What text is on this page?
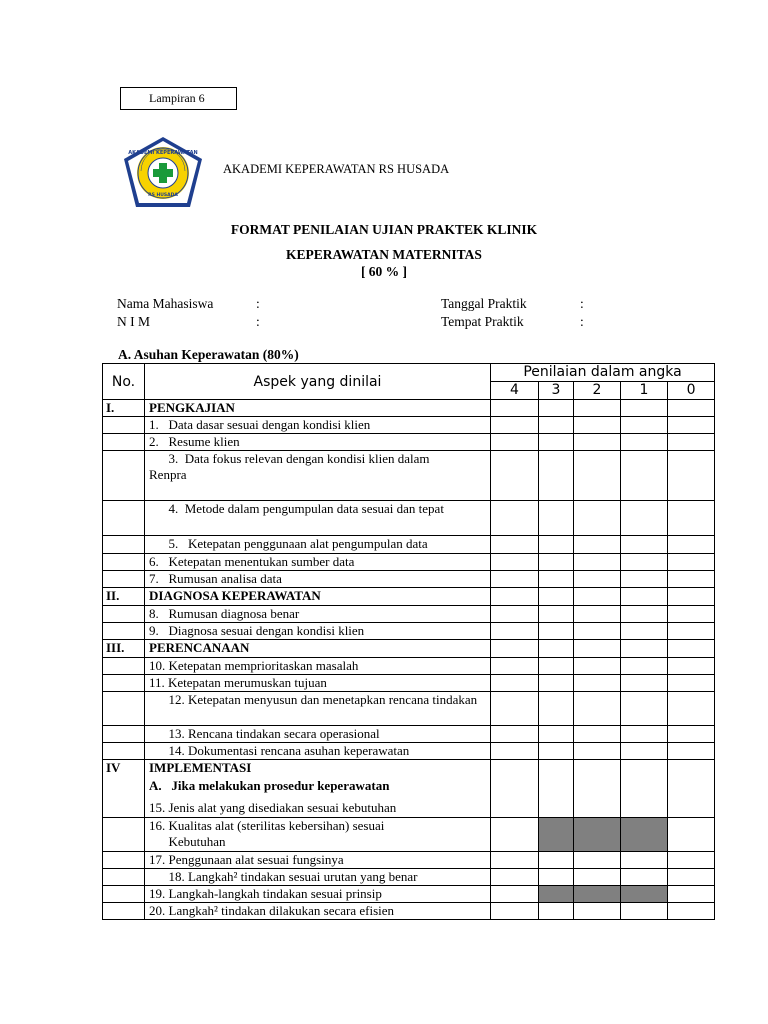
Lampiran 6
AKADEMI KEPERAWATAN
RS HUSADA
AKADEMI KEPERAWATAN RS HUSADA
FORMAT PENILAIAN UJIAN PRAKTEK KLINIK
KEPERAWATAN MATERNITAS
[ 60 % ]
Nama Mahasiswa	:	Tanggal Praktik	:
N I M	:	Tempat Praktik	:
A. Asuhan Keperawatan (80%)
No.	Aspek yang dinilai	Penilaian dalam angka				
		4	3	2	1	0
I.	PENGKAJIAN					

	1.   Data dasar sesuai dengan kondisi klien					

	2.   Resume klien					

	3.  Data fokus relevan dengan kondisi klien dalam
Renpra					

	4.  Metode dalam pengumpulan data sesuai dan tepat					

	5.   Ketepatan penggunaan alat pengumpulan data					

	6.   Ketepatan menentukan sumber data					

	7.   Rumusan analisa data					

II.	DIAGNOSA KEPERAWATAN					

	8.   Rumusan diagnosa benar					

	9.   Diagnosa sesuai dengan kondisi klien					

III.	PERENCANAAN					

	10. Ketepatan memprioritaskan masalah					

	11. Ketepatan merumuskan tujuan					

	12. Ketepatan menyusun dan menetapkan rencana tindakan					

	13. Rencana tindakan secara operasional					

	14. Dokumentasi rencana asuhan keperawatan					

IV	IMPLEMENTASI
A.   Jika melakukan prosedur keperawatan
15. Jenis alat yang disediakan sesuai kebutuhan					

	16. Kualitas alat (sterilitas kebersihan) sesuai
Kebutuhan					

	17. Penggunaan alat sesuai fungsinya					

	18. Langkah² tindakan sesuai urutan yang benar					

	19. Langkah-langkah tindakan sesuai prinsip					

	20. Langkah² tindakan dilakukan secara efisien					
